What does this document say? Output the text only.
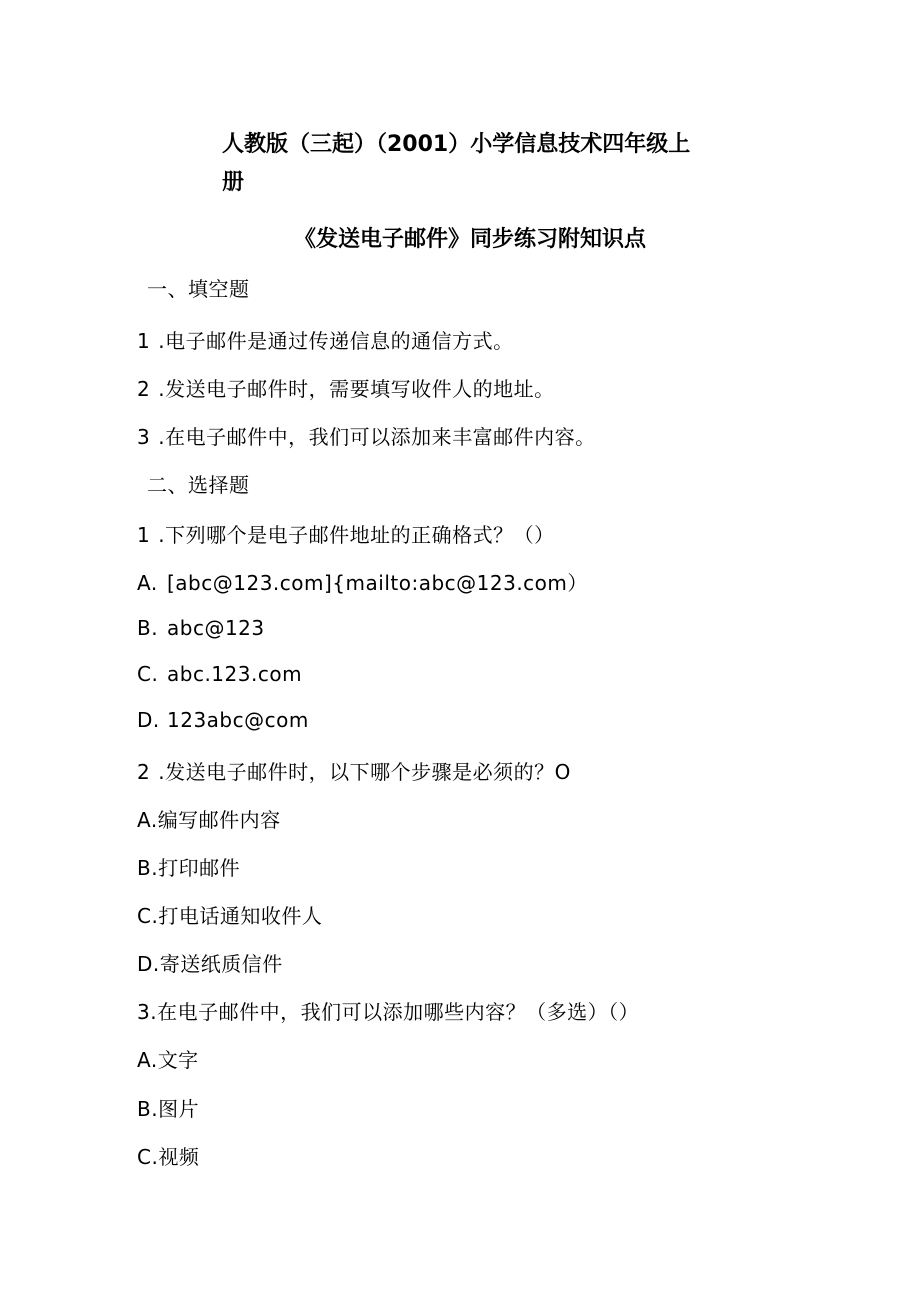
人教版（三起）（2001）小学信息技术四年级上
册
《发送电子邮件》同步练习附知识点
一、填空题
1 .电子邮件是通过传递信息的通信方式。
2 .发送电子邮件时，需要填写收件人的地址。
3 .在电子邮件中，我们可以添加来丰富邮件内容。
二、选择题
1 .下列哪个是电子邮件地址的正确格式？（）
A. [abc@123.com]{mailto:abc@123.com）
B. abc@123
C. abc.123.com
D. 123abc@com
2 .发送电子邮件时，以下哪个步骤是必须的？O
A.编写邮件内容
B.打印邮件
C.打电话通知收件人
D.寄送纸质信件
3.在电子邮件中，我们可以添加哪些内容？（多选）（）
A.文字
B.图片
C.视频
